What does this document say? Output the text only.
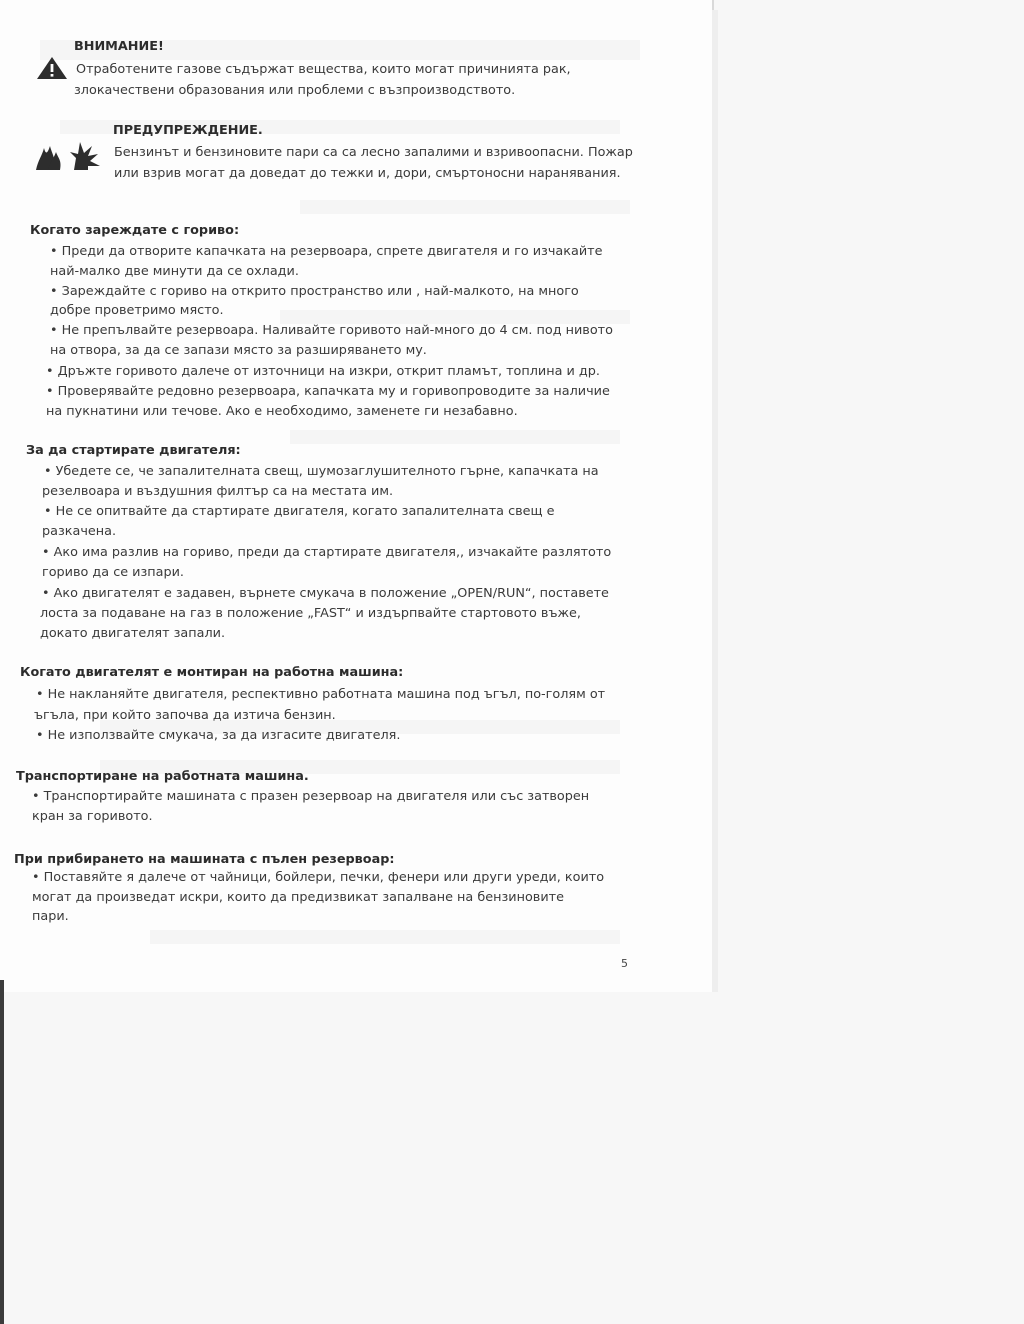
ВНИМАНИЕ!
Отработените газове съдържат вещества, които могат причинията рак,
злокачествени образования или проблеми с възпроизводството.
ПРЕДУПРЕЖДЕНИЕ.
Бензинът и бензиновите пари са са лесно запалими и взривоопасни. Пожар
или взрив могат да доведат до тежки и, дори, смъртоносни наранявания.
Когато зареждате с гориво:
• Преди да отворите капачката на резервоара, спрете двигателя и го изчакайте
най-малко две минути да се охлади.
• Зареждайте с гориво на открито пространство или , най-малкото, на много
добре проветримо място.
• Не препълвайте резервоара. Наливайте горивото най-много до 4 см. под нивото
на отвора, за да се запази място за разширяването му.
• Дръжте горивото далече от източници на изкри, открит пламът, топлина и др.
• Проверявайте редовно резервоара, капачката му и горивопроводите за наличие
на пукнатини или течове. Ако е необходимо, заменете ги незабавно.
За да стартирате двигателя:
• Убедете се, че запалителната свещ, шумозаглушителното гърне, капачката на
резелвоара и въздушния филтър са на местата им.
• Не се опитвайте да стартирате двигателя, когато запалителната свещ е
разкачена.
• Ако има разлив на гориво, преди да стартирате двигателя,, изчакайте разлятото
гориво да се изпари.
• Ако двигателят е задавен, върнете смукача в положение „OPEN/RUN“, поставете
лоста за подаване на газ в положение „FAST“ и издърпвайте стартовото въже,
докато двигателят запали.
Когато двигателят е монтиран на работна машина:
• Не накланяйте двигателя, респективно работната машина под ъгъл, по-голям от
ъгъла, при който започва да изтича бензин.
• Не използвайте смукача, за да изгасите двигателя.
Транспортиране на работната машина.
• Транспортирайте машината с празен резервоар на двигателя или със затворен
кран за горивото.
При прибирането на машината с пълен резервоар:
• Поставяйте я далече от чайници, бойлери, печки, фенери или други уреди, които
могат да произведат искри, които да предизвикат запалване на бензиновите
пари.
5
